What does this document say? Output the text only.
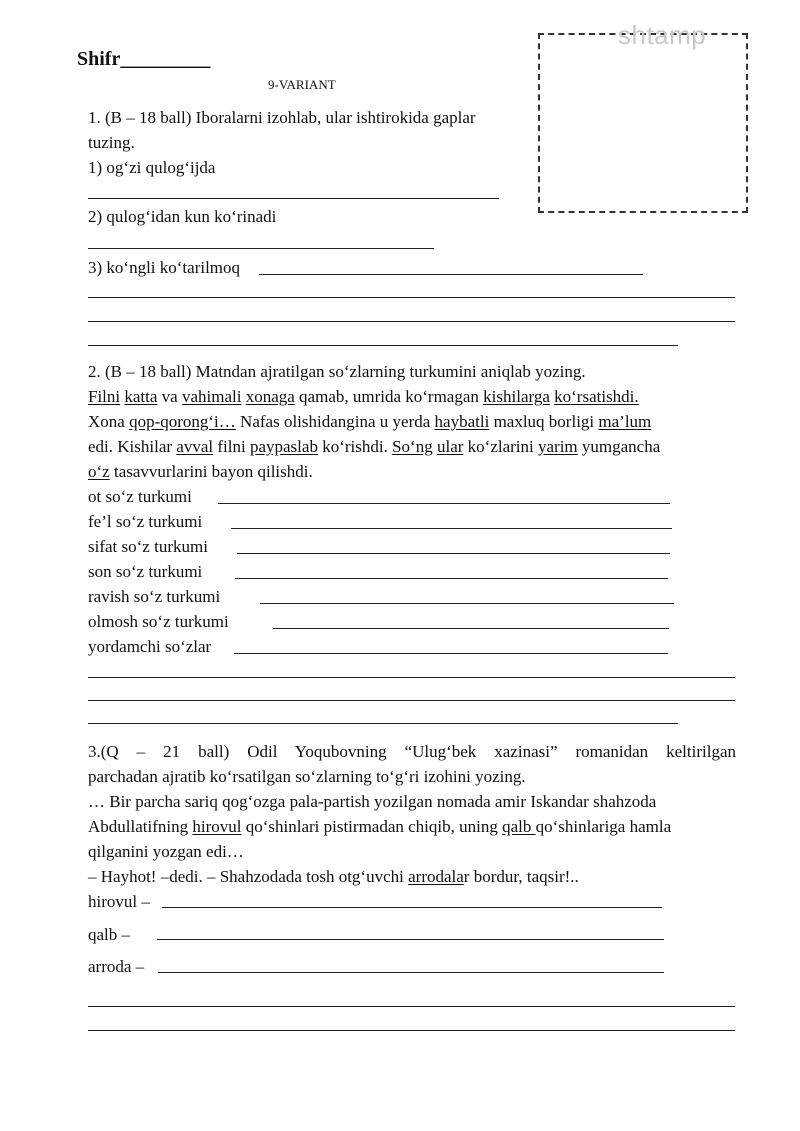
Shifr_________
9-VARIANT
shtamp
1. (B – 18 ball) Iboralarni izohlab, ular ishtirokida gaplar
tuzing.
1) og‘zi qulog‘ijda
2) qulog‘idan kun ko‘rinadi
3) ko‘ngli ko‘tarilmoq
2. (B – 18 ball) Matndan ajratilgan so‘zlarning turkumini aniqlab yozing.
Filni katta va vahimali xonaga qamab, umrida ko‘rmagan kishilarga ko‘rsatishdi.
Xona qop-qorong‘i… Nafas olishidangina u yerda haybatli maxluq borligi ma’lum
edi. Kishilar avval filni paypaslab ko‘rishdi. So‘ng ular ko‘zlarini yarim yumgancha
o‘z tasavvurlarini bayon qilishdi.
ot so‘z turkumi
fe’l so‘z turkumi
sifat so‘z turkumi
son so‘z turkumi
ravish so‘z turkumi
olmosh so‘z turkumi
yordamchi so‘zlar
3.(Q – 21 ball) Odil Yoqubovning “Ulug‘bek xazinasi” romanidan keltirilgan
parchadan ajratib ko‘rsatilgan so‘zlarning to‘g‘ri izohini yozing.
… Bir parcha sariq qog‘ozga pala-partish yozilgan nomada amir Iskandar shahzoda
Abdullatifning hirovul qo‘shinlari pistirmadan chiqib, uning qalb qo‘shinlariga hamla
qilganini yozgan edi…
– Hayhot! –dedi. – Shahzodada tosh otg‘uvchi arrodalar bordur, taqsir!..
hirovul –
qalb –
arroda –
